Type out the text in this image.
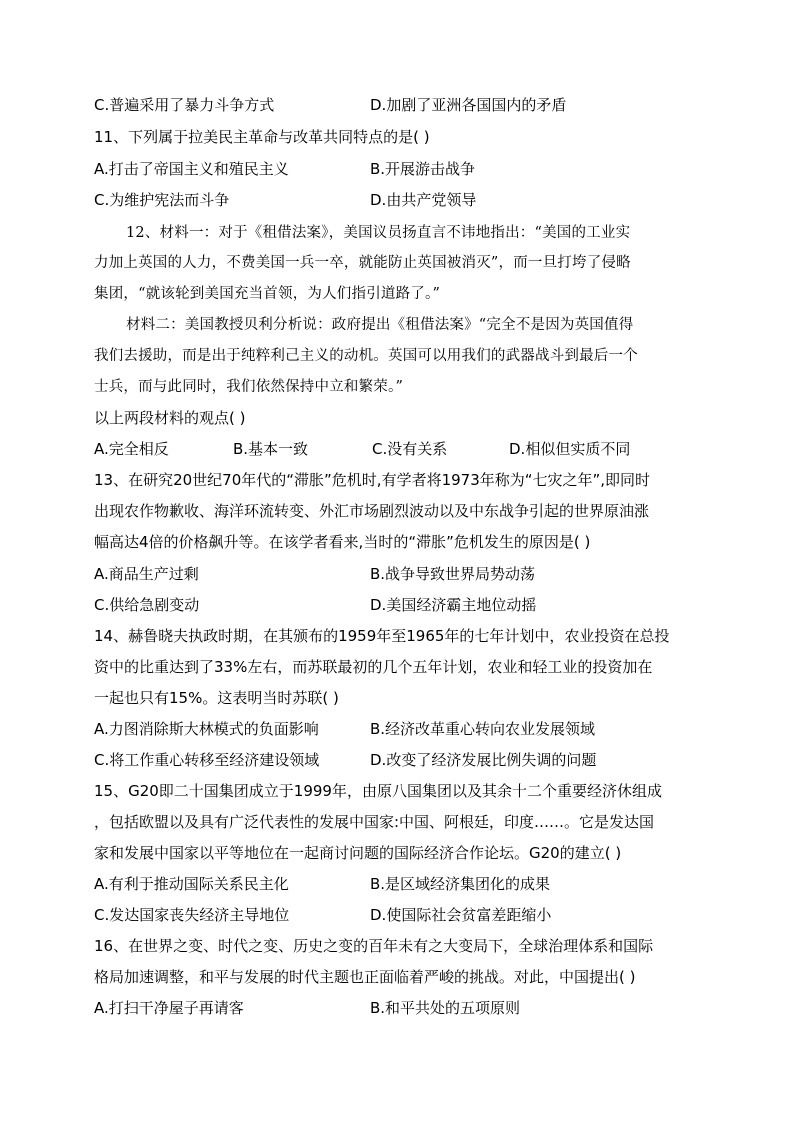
C.普遍采用了暴力斗争方式	D.加剧了亚洲各国国内的矛盾
11、下列属于拉美民主革命与改革共同特点的是( )
A.打击了帝国主义和殖民主义	B.开展游击战争
C.为维护宪法而斗争	D.由共产党领导
12、材料一：对于《租借法案》，美国议员扬直言不讳地指出：“美国的工业实
力加上英国的人力，不费美国一兵一卒，就能防止英国被消灭”，而一旦打垮了侵略
集团，“就该轮到美国充当首领，为人们指引道路了。”
材料二：美国教授贝利分析说：政府提出《租借法案》“完全不是因为英国值得
我们去援助，而是出于纯粹利己主义的动机。英国可以用我们的武器战斗到最后一个
士兵，而与此同时，我们依然保持中立和繁荣。”
以上两段材料的观点( )
A.完全相反	B.基本一致	C.没有关系	D.相似但实质不同
13、在研究20世纪70年代的“滞胀”危机时,有学者将1973年称为“七灾之年”,即同时
出现农作物歉收、海洋环流转变、外汇市场剧烈波动以及中东战争引起的世界原油涨
幅高达4倍的价格飙升等。在该学者看来,当时的“滞胀”危机发生的原因是( )
A.商品生产过剩	B.战争导致世界局势动荡
C.供给急剧变动	D.美国经济霸主地位动摇
14、赫鲁晓夫执政时期，在其颁布的1959年至1965年的七年计划中，农业投资在总投
资中的比重达到了33%左右，而苏联最初的几个五年计划，农业和轻工业的投资加在
一起也只有15%。这表明当时苏联( )
A.力图消除斯大林模式的负面影响	B.经济改革重心转向农业发展领域
C.将工作重心转移至经济建设领域	D.改变了经济发展比例失调的问题
15、G20即二十国集团成立于1999年，由原八国集团以及其余十二个重要经济休组成
，包括欧盟以及具有广泛代表性的发展中国家:中国、阿根廷，印度……。它是发达国
家和发展中国家以平等地位在一起商讨问题的国际经济合作论坛。G20的建立( )
A.有利于推动国际关系民主化	B.是区域经济集团化的成果
C.发达国家丧失经济主导地位	D.使国际社会贫富差距缩小
16、在世界之变、时代之变、历史之变的百年未有之大变局下，全球治理体系和国际
格局加速调整，和平与发展的时代主题也正面临着严峻的挑战。对此，中国提出( )
A.打扫干净屋子再请客	B.和平共处的五项原则
